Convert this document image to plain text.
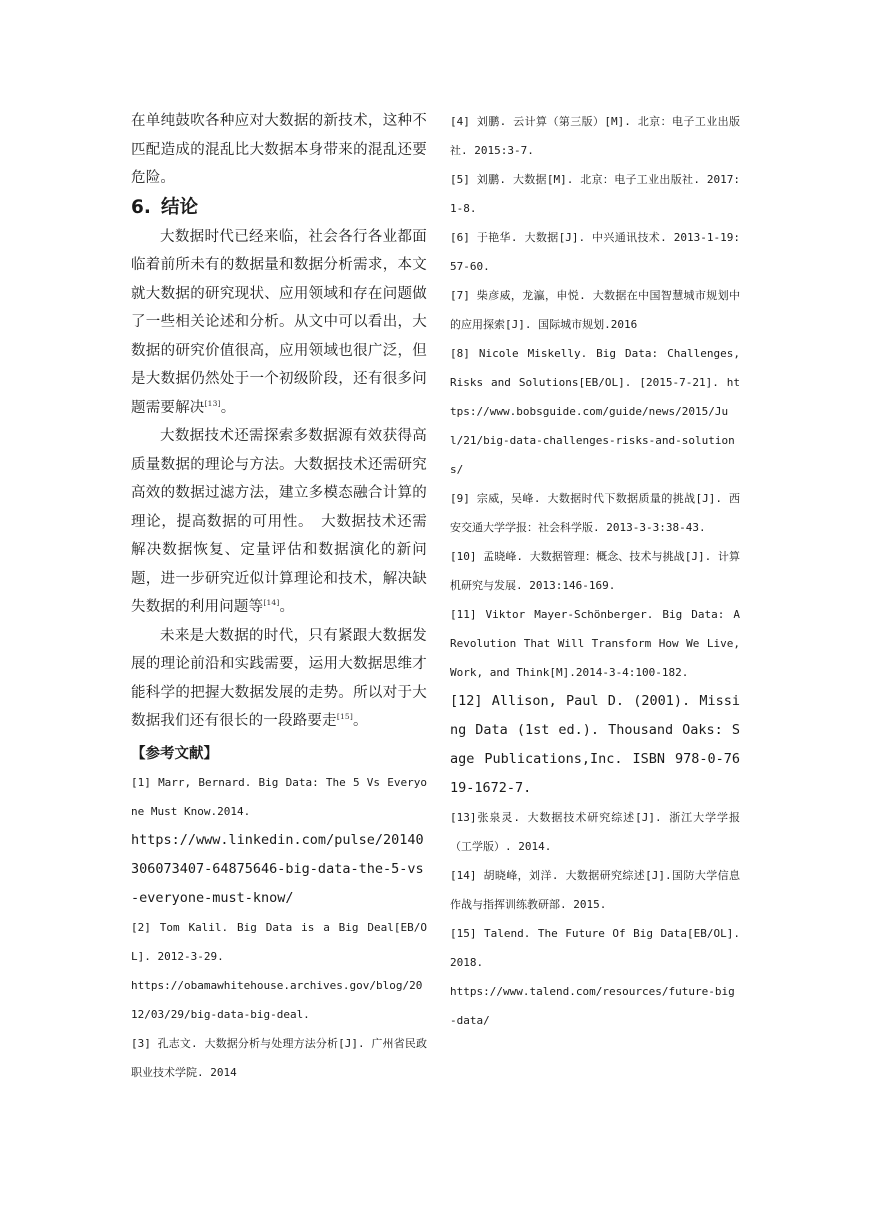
在单纯鼓吹各种应对大数据的新技术，这种不匹配造成的混乱比大数据本身带来的混乱还要危险。

6. 结论

大数据时代已经来临，社会各行各业都面临着前所未有的数据量和数据分析需求，本文就大数据的研究现状、应用领域和存在问题做了一些相关论述和分析。从文中可以看出，大数据的研究价值很高，应用领域也很广泛，但是大数据仍然处于一个初级阶段，还有很多问题需要解决[13]。

大数据技术还需探索多数据源有效获得高质量数据的理论与方法。大数据技术还需研究高效的数据过滤方法，建立多模态融合计算的理论，提高数据的可用性。　大数据技术还需解决数据恢复、定量评估和数据演化的新问题，进一步研究近似计算理论和技术，解决缺失数据的利用问题等[14]。

未来是大数据的时代，只有紧跟大数据发展的理论前沿和实践需要，运用大数据思维才能科学的把握大数据发展的走势。所以对于大数据我们还有很长的一段路要走[15]。

【参考文献】

[1] Marr, Bernard. Big Data: The 5 Vs Everyone Must Know.2014.

https://www.linkedin.com/pulse/20140306073407-64875646-big-data-the-5-vs-everyone-must-know/

[2] Tom Kalil. Big Data is a Big Deal[EB/OL]. 2012-3-29.

https://obamawhitehouse.archives.gov/blog/2012/03/29/big-data-big-deal.

[3] 孔志文. 大数据分析与处理方法分析[J]. 广州省民政职业技术学院. 2014

[4] 刘鹏. 云计算（第三版）[M]. 北京：电子工业出版社. 2015:3-7.

[5] 刘鹏. 大数据[M]. 北京：电子工业出版社. 2017:1-8.

[6] 于艳华. 大数据[J]. 中兴通讯技术. 2013-1-19:57-60.

[7] 柴彦威，龙瀛，申悦. 大数据在中国智慧城市规划中的应用探索[J]. 国际城市规划.2016

[8] Nicole Miskelly. Big Data: Challenges, Risks and Solutions[EB/OL]. [2015-7-21]. https://www.bobsguide.com/guide/news/2015/Jul/21/big-data-challenges-risks-and-solutions/

[9] 宗威，吴峰. 大数据时代下数据质量的挑战[J]. 西安交通大学学报：社会科学版. 2013-3-3:38-43.

[10] 孟晓峰. 大数据管理：概念、技术与挑战[J]. 计算机研究与发展. 2013:146-169.

[11] Viktor Mayer-Schönberger. Big Data: A Revolution That Will Transform How We Live, Work, and Think[M].2014-3-4:100-182.

[12] Allison, Paul D. (2001). Missing Data (1st ed.). Thousand Oaks: Sage Publications,Inc. ISBN 978-0-7619-1672-7.

[13]张泉灵. 大数据技术研究综述[J]. 浙江大学学报（工学版）. 2014.

[14] 胡晓峰，刘洋. 大数据研究综述[J].国防大学信息作战与指挥训练教研部. 2015.

[15] Talend. The Future Of Big Data[EB/OL]. 2018.

https://www.talend.com/resources/future-big-data/
